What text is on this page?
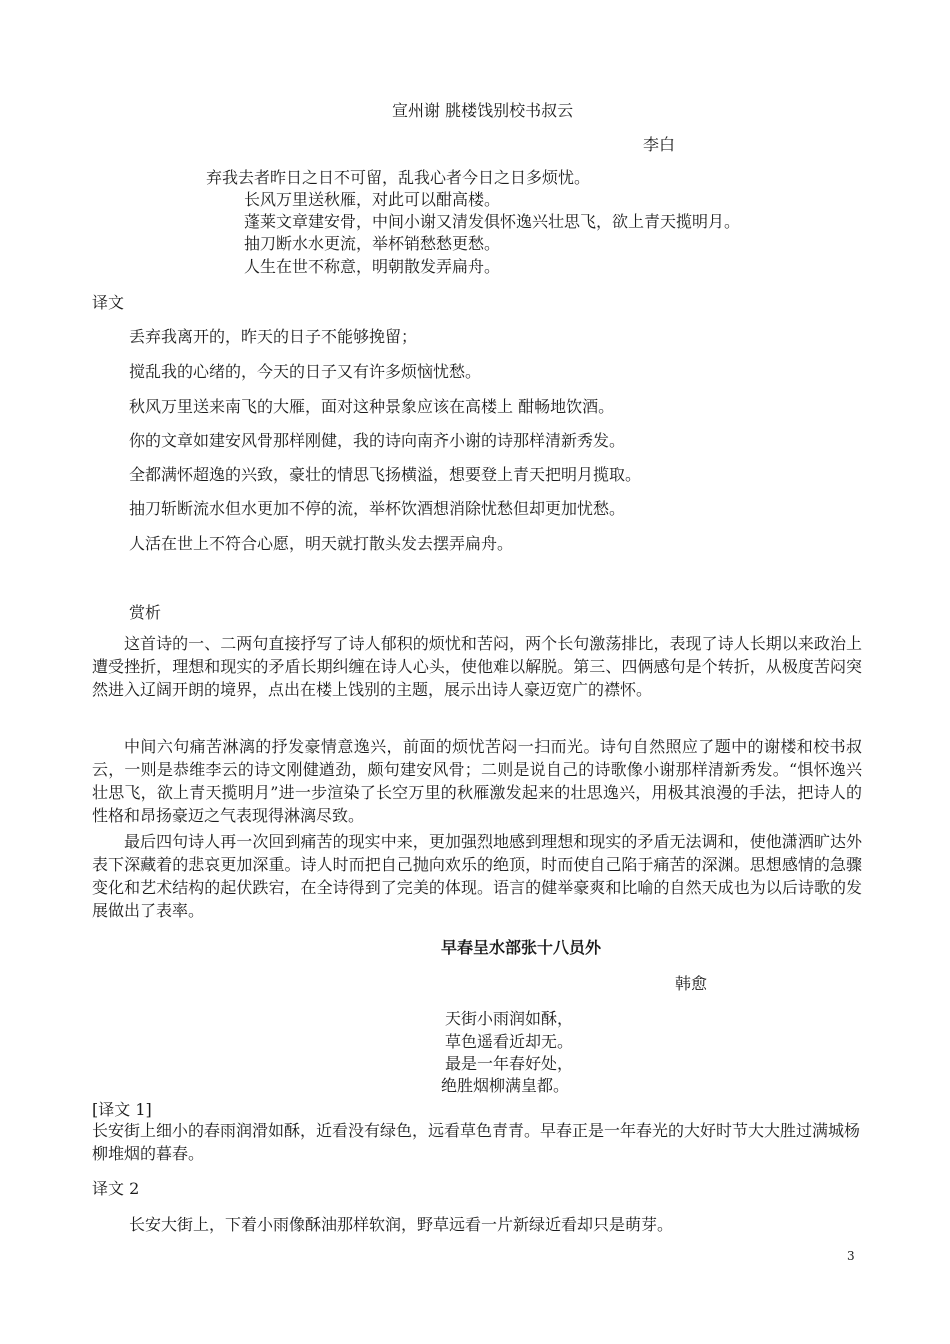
宣州谢 朓楼饯别校书叔云
李白
弃我去者昨日之日不可留，乱我心者今日之日多烦忧。
长风万里送秋雁，对此可以酣高楼。
蓬莱文章建安骨，中间小谢又清发俱怀逸兴壮思飞，欲上青天揽明月。
抽刀断水水更流，举杯销愁愁更愁。
人生在世不称意，明朝散发弄扁舟。
译文
丢弃我离开的，昨天的日子不能够挽留；
搅乱我的心绪的，今天的日子又有许多烦恼忧愁。
秋风万里送来南飞的大雁，面对这种景象应该在高楼上 酣畅地饮酒。
你的文章如建安风骨那样刚健，我的诗向南齐小谢的诗那样清新秀发。
全都满怀超逸的兴致，豪壮的情思飞扬横溢，想要登上青天把明月揽取。
抽刀斩断流水但水更加不停的流，举杯饮酒想消除忧愁但却更加忧愁。
人活在世上不符合心愿，明天就打散头发去摆弄扁舟。
赏析
这首诗的一、二两句直接抒写了诗人郁积的烦忧和苦闷，两个长句激荡排比，表现了诗人长期以来政治上遭受挫折，理想和现实的矛盾长期纠缠在诗人心头，使他难以解脱。第三、四俩感句是个转折，从极度苦闷突然进入辽阔开朗的境界，点出在楼上饯别的主题，展示出诗人豪迈宽广的襟怀。
中间六句痛苦淋漓的抒发豪情意逸兴，前面的烦忧苦闷一扫而光。诗句自然照应了题中的谢楼和校书叔云，一则是恭维李云的诗文刚健遒劲，颇句建安风骨；二则是说自己的诗歌像小谢那样清新秀发。“惧怀逸兴壮思飞，欲上青天揽明月”进一步渲染了长空万里的秋雁激发起来的壮思逸兴，用极其浪漫的手法，把诗人的性格和昂扬豪迈之气表现得淋漓尽致。
最后四句诗人再一次回到痛苦的现实中来，更加强烈地感到理想和现实的矛盾无法调和，使他潇洒旷达外表下深藏着的悲哀更加深重。诗人时而把自己抛向欢乐的绝顶，时而使自己陷于痛苦的深渊。思想感情的急骤变化和艺术结构的起伏跌宕，在全诗得到了完美的体现。语言的健举豪爽和比喻的自然天成也为以后诗歌的发展做出了表率。
早春呈水部张十八员外
韩愈
天街小雨润如酥，
草色遥看近却无。
最是一年春好处，
绝胜烟柳满皇都。
[译文 1]
长安街上细小的春雨润滑如酥，近看没有绿色，远看草色青青。早春正是一年春光的大好时节大大胜过满城杨柳堆烟的暮春。
译文 2
长安大街上，下着小雨像酥油那样软润，野草远看一片新绿近看却只是萌芽。
3
